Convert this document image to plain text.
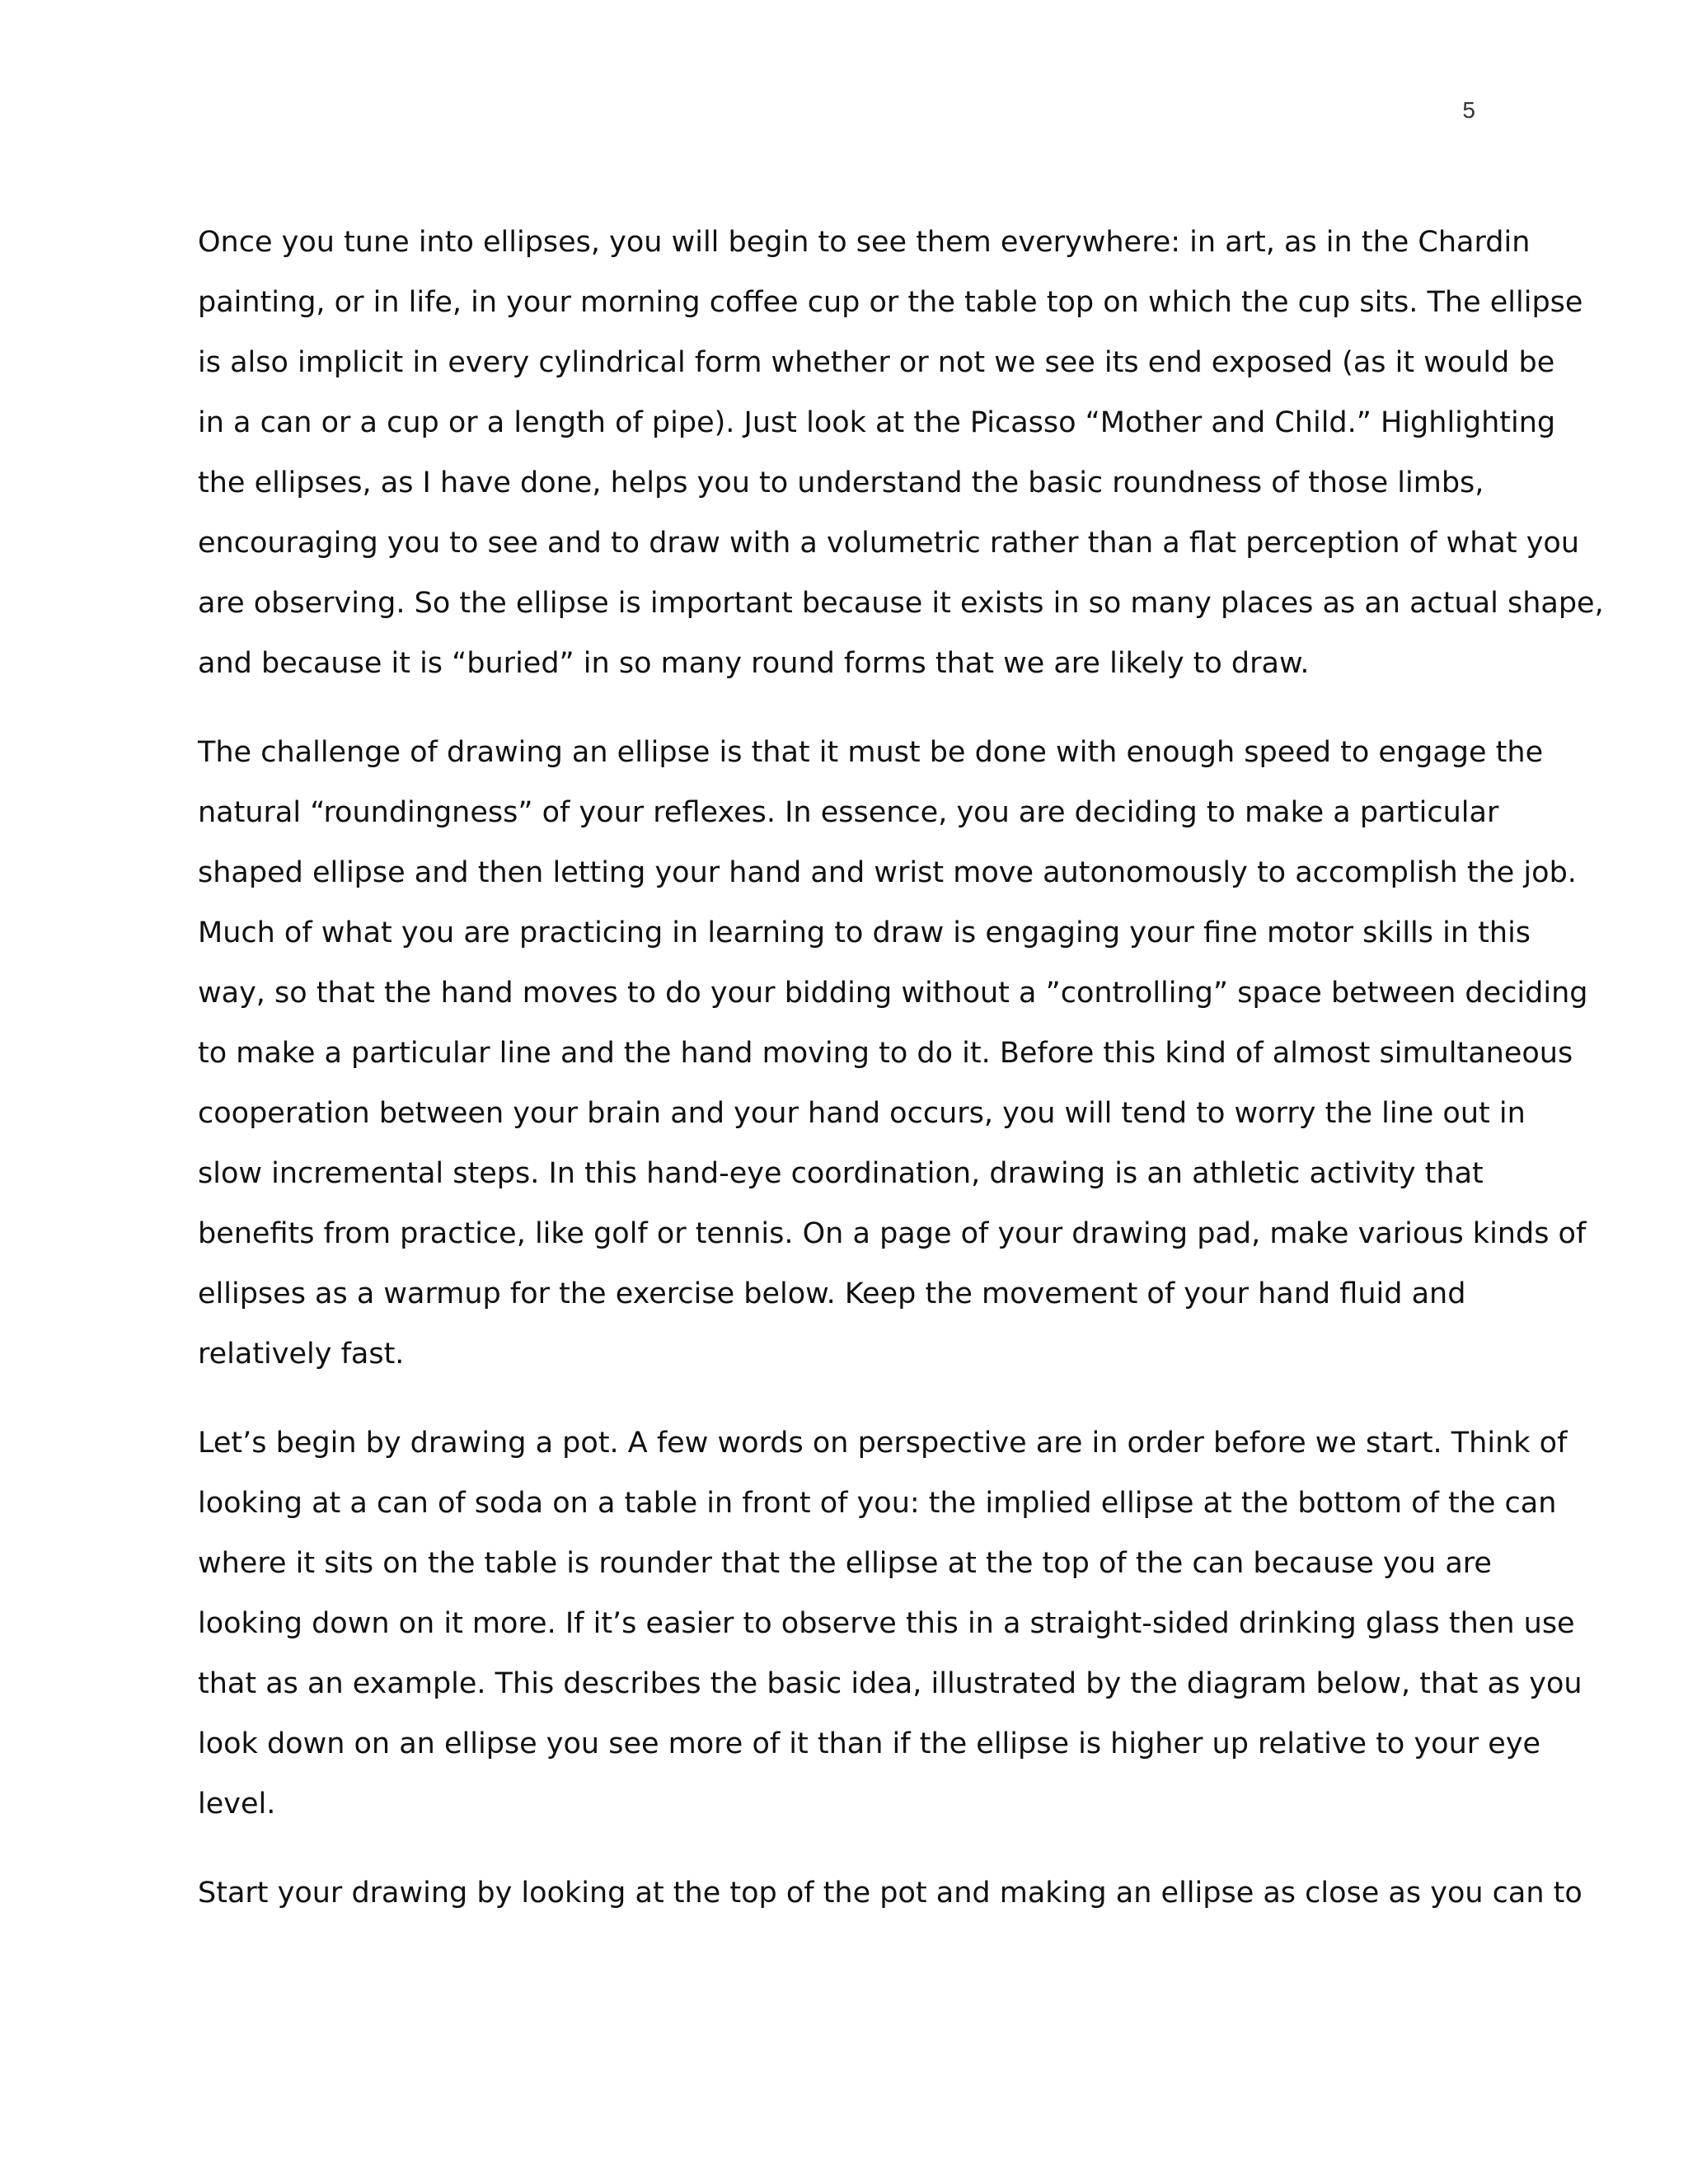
5
Once you tune into ellipses, you will begin to see them everywhere: in art, as in the Chardin
painting, or in life, in your morning coffee cup or the table top on which the cup sits. The ellipse
is also implicit in every cylindrical form whether or not we see its end exposed (as it would be
in a can or a cup or a length of pipe). Just look at the Picasso “Mother and Child.” Highlighting
the ellipses, as I have done, helps you to understand the basic roundness of those limbs,
encouraging you to see and to draw with a volumetric rather than a flat perception of what you
are observing. So the ellipse is important because it exists in so many places as an actual shape,
and because it is “buried” in so many round forms that we are likely to draw.
The challenge of drawing an ellipse is that it must be done with enough speed to engage the
natural “roundingness” of your reflexes. In essence, you are deciding to make a particular
shaped ellipse and then letting your hand and wrist move autonomously to accomplish the job.
Much of what you are practicing in learning to draw is engaging your fine motor skills in this
way, so that the hand moves to do your bidding without a ”controlling” space between deciding
to make a particular line and the hand moving to do it. Before this kind of almost simultaneous
cooperation between your brain and your hand occurs, you will tend to worry the line out in
slow incremental steps. In this hand-eye coordination, drawing is an athletic activity that
benefits from practice, like golf or tennis. On a page of your drawing pad, make various kinds of
ellipses as a warmup for the exercise below. Keep the movement of your hand fluid and
relatively fast.
Let’s begin by drawing a pot. A few words on perspective are in order before we start. Think of
looking at a can of soda on a table in front of you: the implied ellipse at the bottom of the can
where it sits on the table is rounder that the ellipse at the top of the can because you are
looking down on it more. If it’s easier to observe this in a straight-sided drinking glass then use
that as an example. This describes the basic idea, illustrated by the diagram below, that as you
look down on an ellipse you see more of it than if the ellipse is higher up relative to your eye
level.
Start your drawing by looking at the top of the pot and making an ellipse as close as you can to
